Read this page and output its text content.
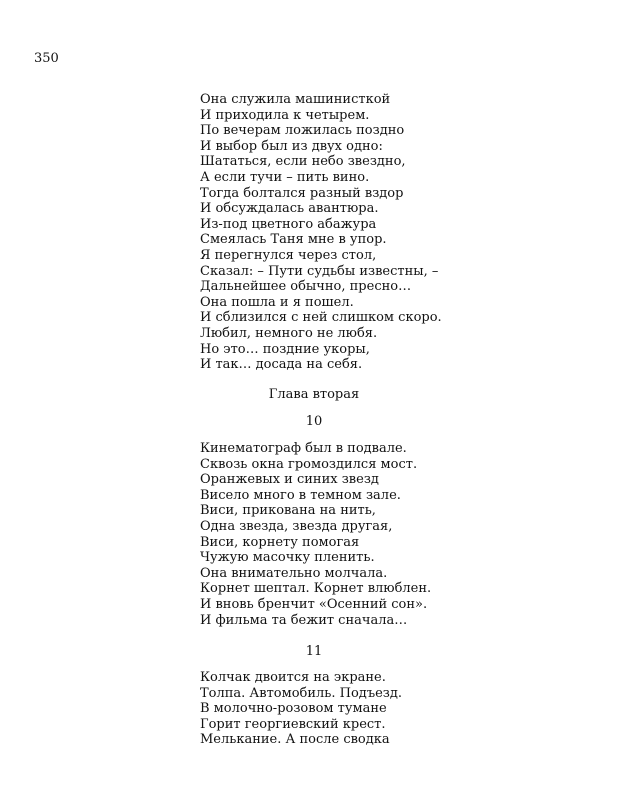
350
Она служила машинисткой
И приходила к четырем.
По вечерам ложилась поздно
И выбор был из двух одно:
Шататься, если небо звездно,
А если тучи – пить вино.
Тогда болтался разный вздор
И обсуждалась авантюра.
Из-под цветного абажура
Смеялась Таня мне в упор.
Я перегнулся через стол,
Сказал: – Пути судьбы известны, –
Дальнейшее обычно, пресно…
Она пошла и я пошел.
И сблизился с ней слишком скоро.
Любил, немного не любя.
Но это… поздние укоры,
И так… досада на себя.
Глава вторая
10
Кинематограф был в подвале.
Сквозь окна громоздился мост.
Оранжевых и синих звезд
Висело много в темном зале.
Виси, прикована на нить,
Одна звезда, звезда другая,
Виси, корнету помогая
Чужую масочку пленить.
Она внимательно молчала.
Корнет шептал. Корнет влюблен.
И вновь бренчит «Осенний сон».
И фильма та бежит сначала…
11
Колчак двоится на экране.
Толпа. Автомобиль. Подъезд.
В молочно-розовом тумане
Горит георгиевский крест.
Мелькание. А после сводка
